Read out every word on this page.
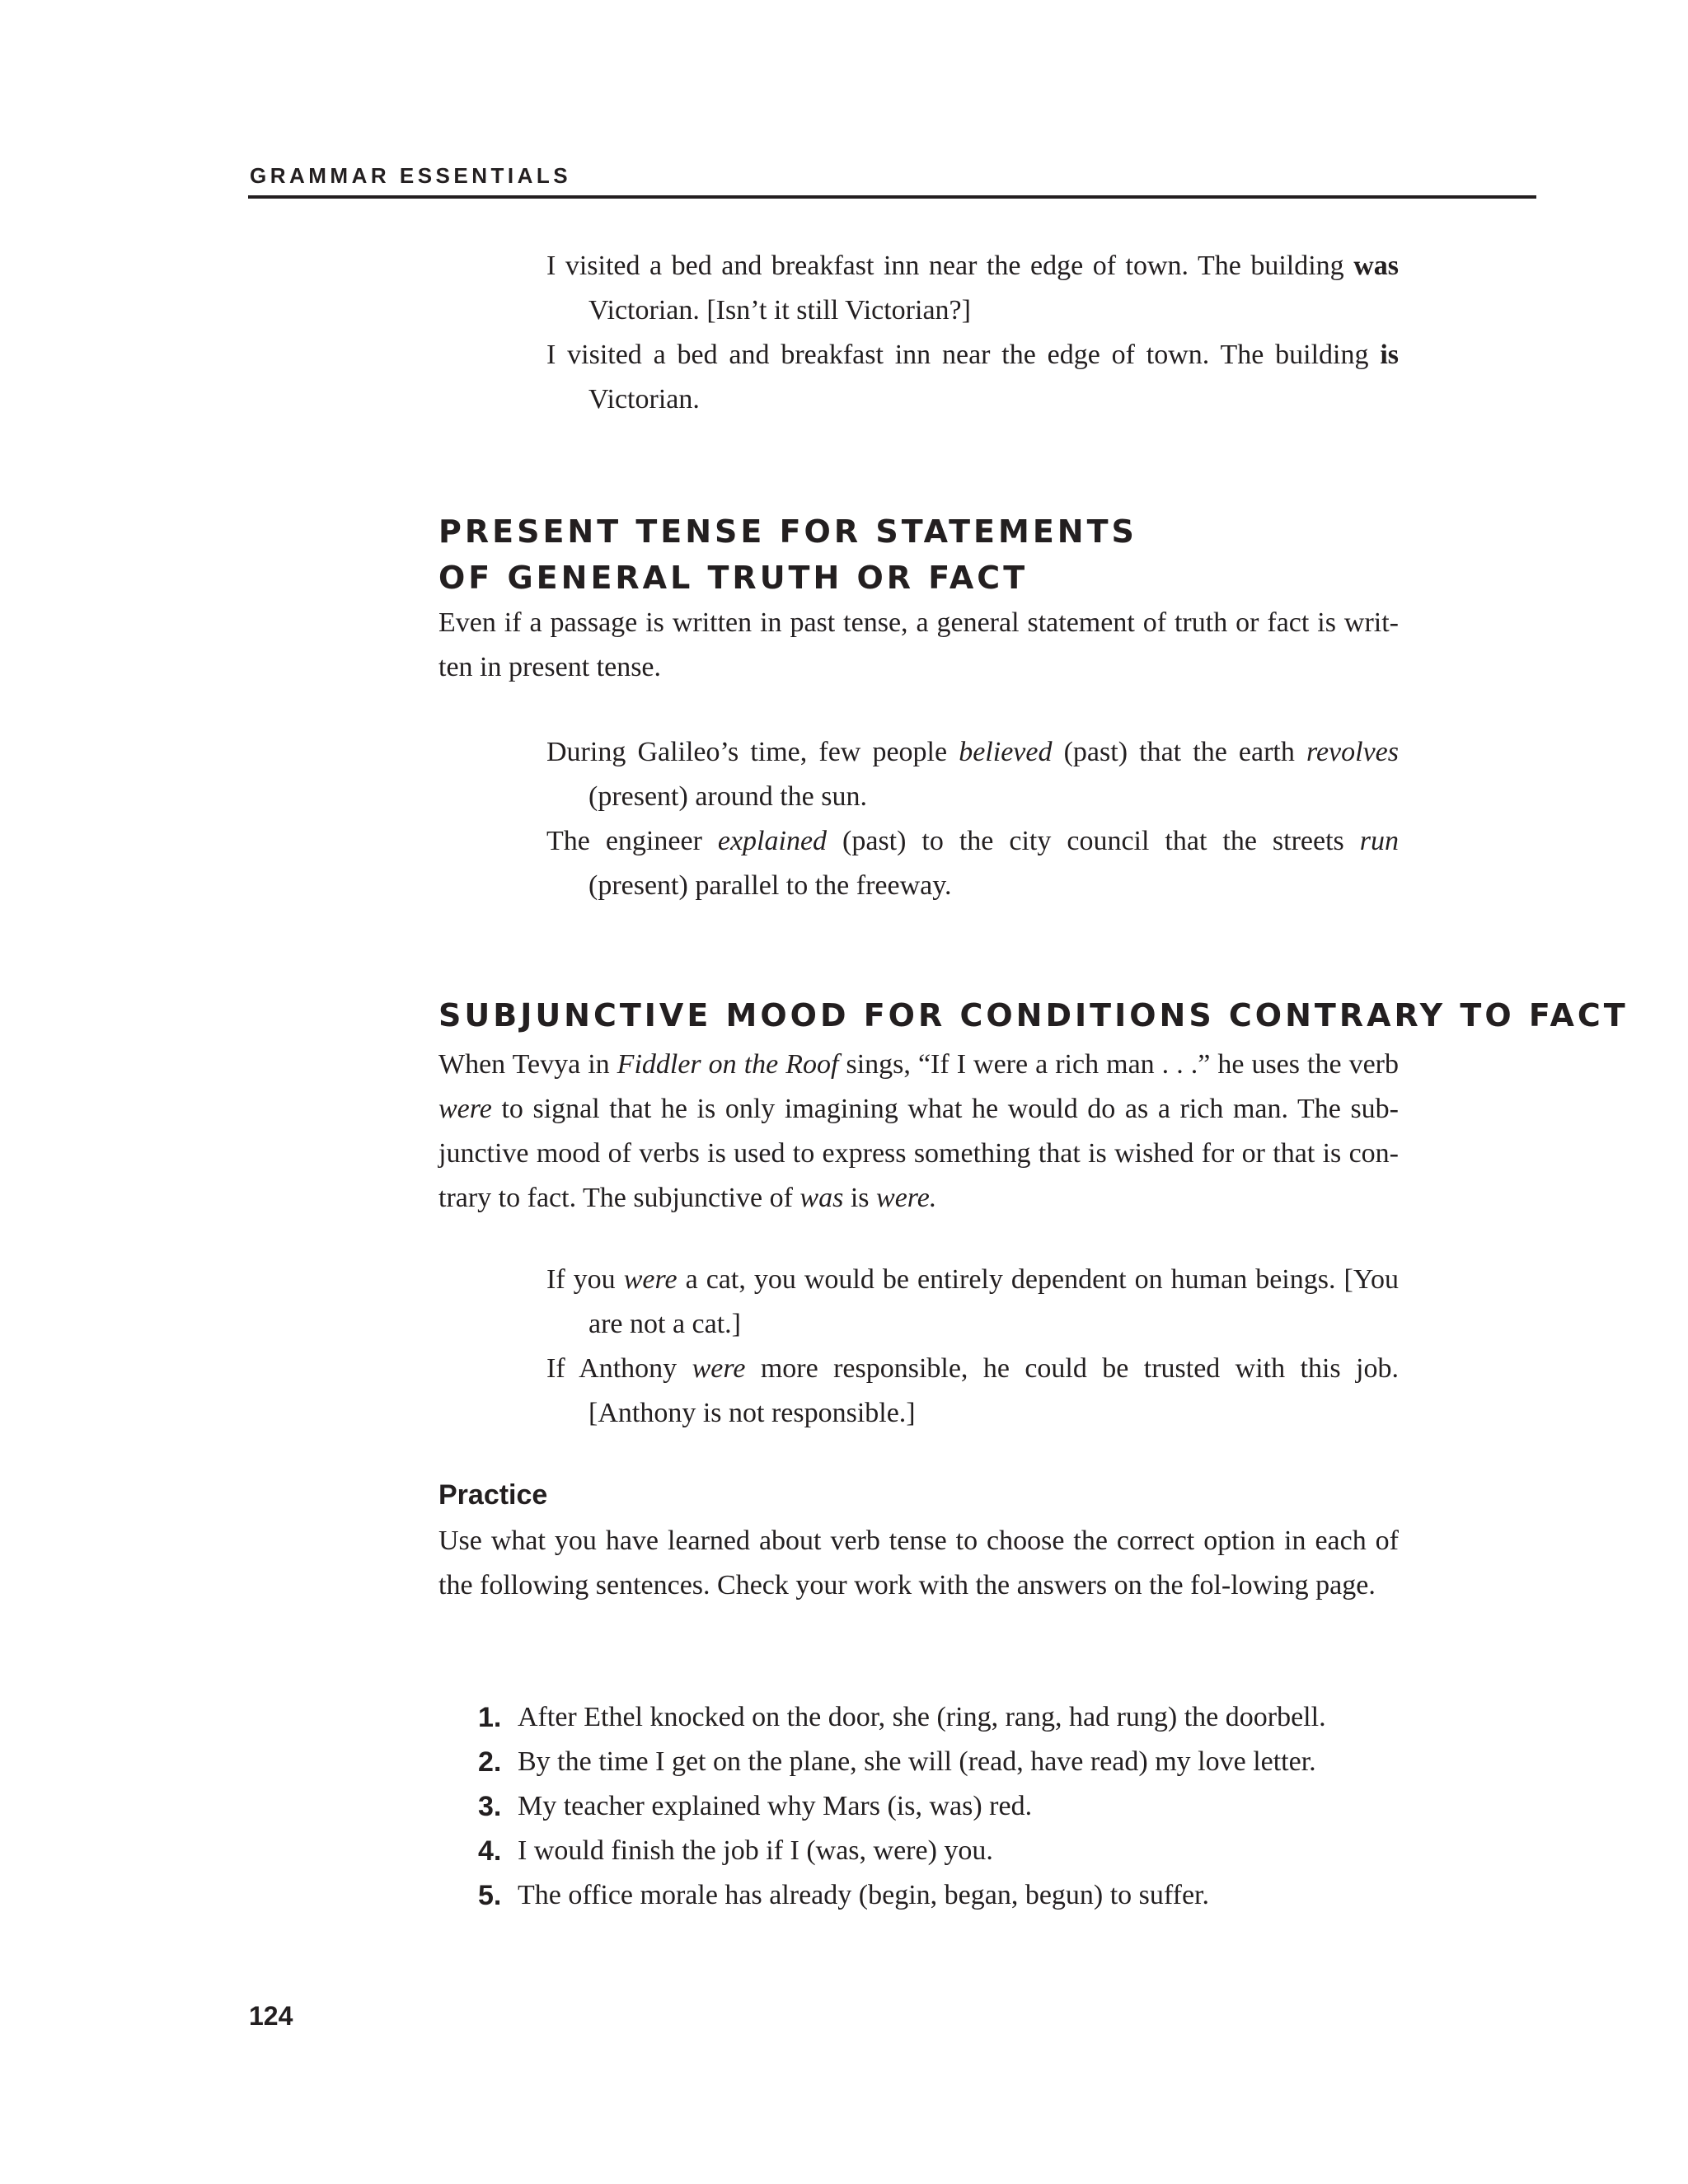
GRAMMAR ESSENTIALS

I visited a bed and breakfast inn near the edge of town. The building was Victorian. [Isn’t it still Victorian?]

I visited a bed and breakfast inn near the edge of town. The building is Victorian.

PRESENT TENSE FOR STATEMENTS
OF GENERAL TRUTH OR FACT
Even if a passage is written in past tense, a general statement of truth or fact is writ-ten in present tense.

During Galileo’s time, few people believed (past) that the earth revolves (present) around the sun.

The engineer explained (past) to the city council that the streets run (present) parallel to the freeway.

SUBJUNCTIVE MOOD FOR CONDITIONS CONTRARY TO FACT
When Tevya in Fiddler on the Roof sings, “If I were a rich man . . .” he uses the verb were to signal that he is only imagining what he would do as a rich man. The sub-junctive mood of verbs is used to express something that is wished for or that is con-trary to fact. The subjunctive of was is were.

If you were a cat, you would be entirely dependent on human beings. [You are not a cat.]

If Anthony were more responsible, he could be trusted with this job. [Anthony is not responsible.]

Practice
Use what you have learned about verb tense to choose the correct option in each of the following sentences. Check your work with the answers on the fol-lowing page.
1. After Ethel knocked on the door, she (ring, rang, had rung) the doorbell.
2. By the time I get on the plane, she will (read, have read) my love letter.
3. My teacher explained why Mars (is, was) red.
4. I would finish the job if I (was, were) you.
5. The office morale has already (begin, began, begun) to suffer.
124
